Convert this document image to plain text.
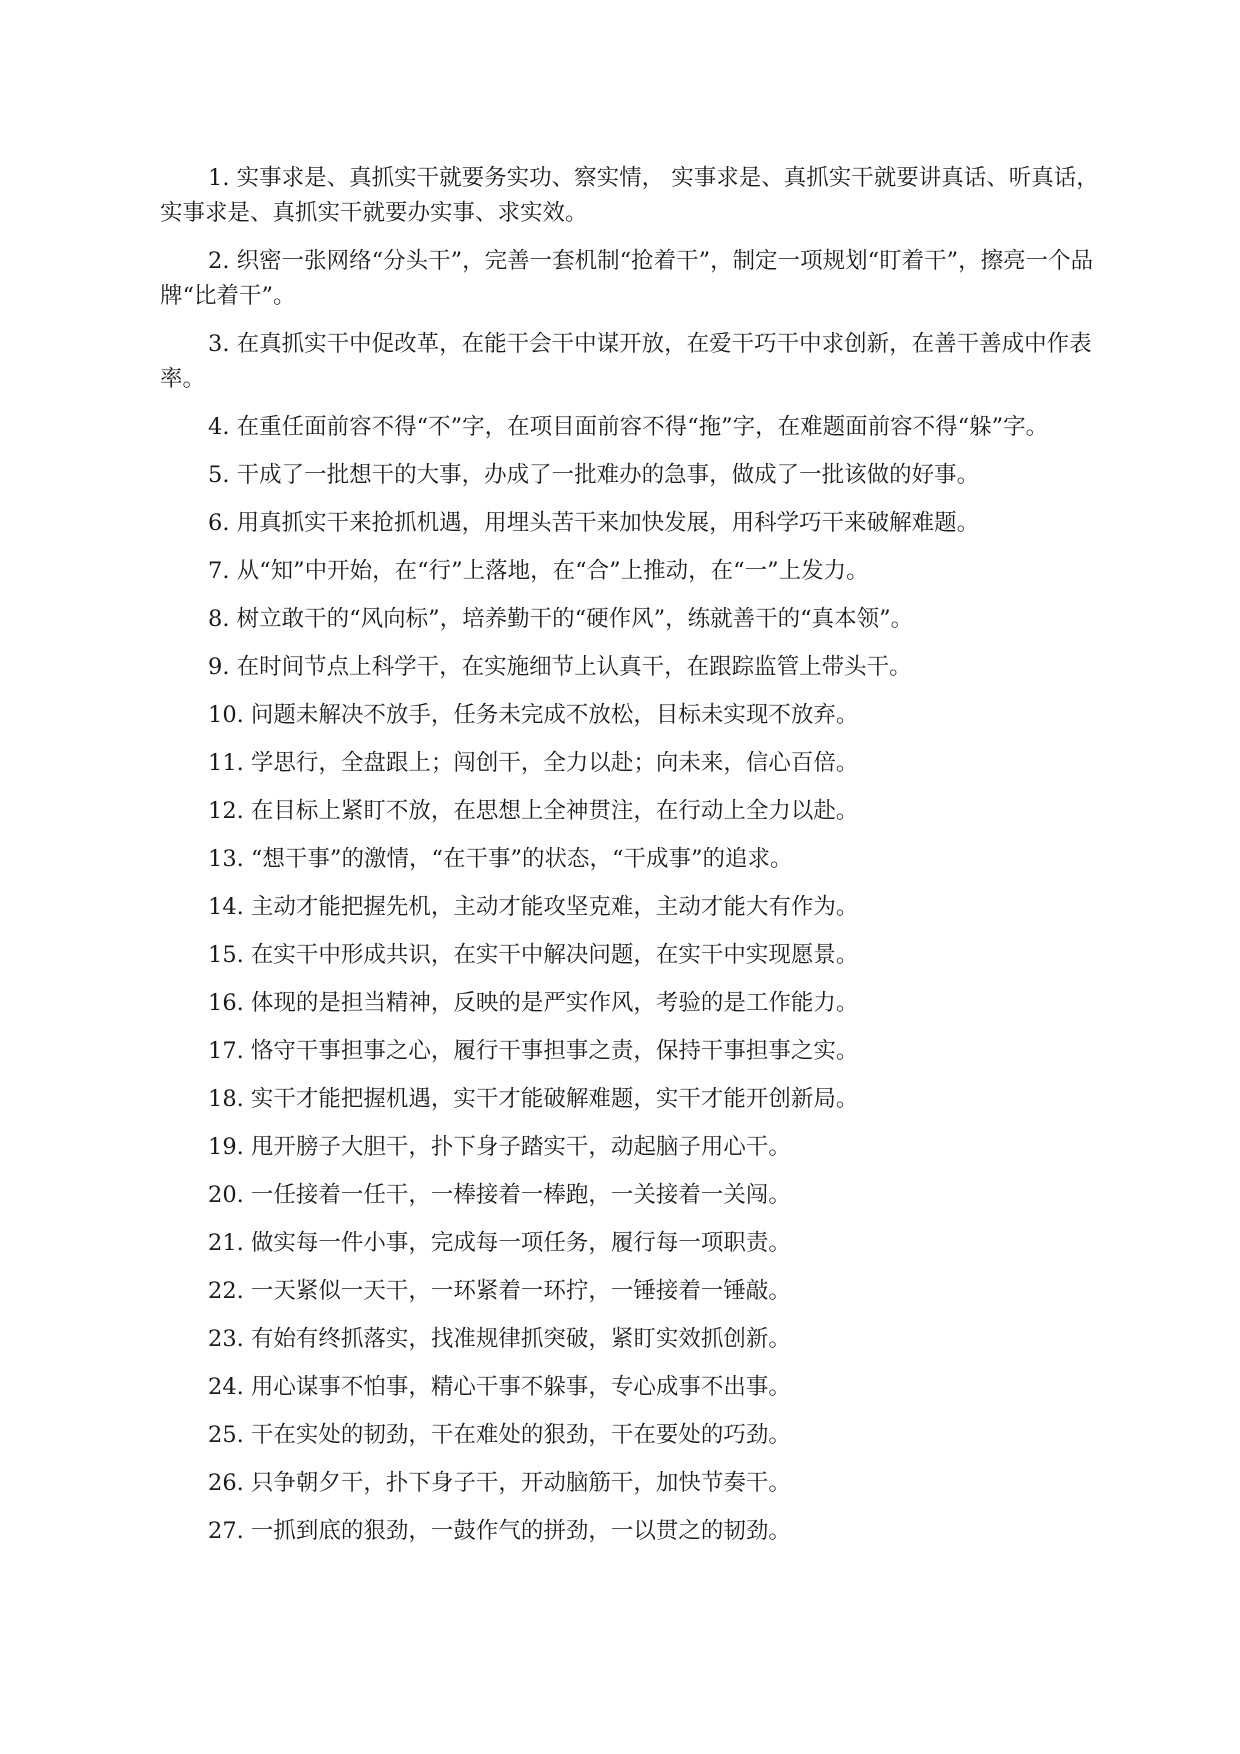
1. 实事求是、真抓实干就要务实功、察实情， 实事求是、真抓实干就要讲真话、听真话，实事求是、真抓实干就要办实事、求实效。

2. 织密一张网络“分头干”，完善一套机制“抢着干”，制定一项规划“盯着干”，擦亮一个品牌“比着干”。

3. 在真抓实干中促改革，在能干会干中谋开放，在爱干巧干中求创新，在善干善成中作表率。

4. 在重任面前容不得“不”字，在项目面前容不得“拖”字，在难题面前容不得“躲”字。

5. 干成了一批想干的大事，办成了一批难办的急事，做成了一批该做的好事。

6. 用真抓实干来抢抓机遇，用埋头苦干来加快发展，用科学巧干来破解难题。

7. 从“知”中开始，在“行”上落地，在“合”上推动，在“一”上发力。

8. 树立敢干的“风向标”，培养勤干的“硬作风”，练就善干的“真本领”。

9. 在时间节点上科学干，在实施细节上认真干，在跟踪监管上带头干。

10. 问题未解决不放手，任务未完成不放松，目标未实现不放弃。

11. 学思行，全盘跟上；闯创干，全力以赴；向未来，信心百倍。

12. 在目标上紧盯不放，在思想上全神贯注，在行动上全力以赴。

13. “想干事”的激情，“在干事”的状态，“干成事”的追求。

14. 主动才能把握先机，主动才能攻坚克难，主动才能大有作为。

15. 在实干中形成共识，在实干中解决问题，在实干中实现愿景。

16. 体现的是担当精神，反映的是严实作风，考验的是工作能力。

17. 恪守干事担事之心，履行干事担事之责，保持干事担事之实。

18. 实干才能把握机遇，实干才能破解难题，实干才能开创新局。

19. 甩开膀子大胆干，扑下身子踏实干，动起脑子用心干。

20. 一任接着一任干，一棒接着一棒跑，一关接着一关闯。

21. 做实每一件小事，完成每一项任务，履行每一项职责。

22. 一天紧似一天干，一环紧着一环拧，一锤接着一锤敲。

23. 有始有终抓落实，找准规律抓突破，紧盯实效抓创新。

24. 用心谋事不怕事，精心干事不躲事，专心成事不出事。

25. 干在实处的韧劲，干在难处的狠劲，干在要处的巧劲。

26. 只争朝夕干，扑下身子干，开动脑筋干，加快节奏干。

27. 一抓到底的狠劲，一鼓作气的拼劲，一以贯之的韧劲。
